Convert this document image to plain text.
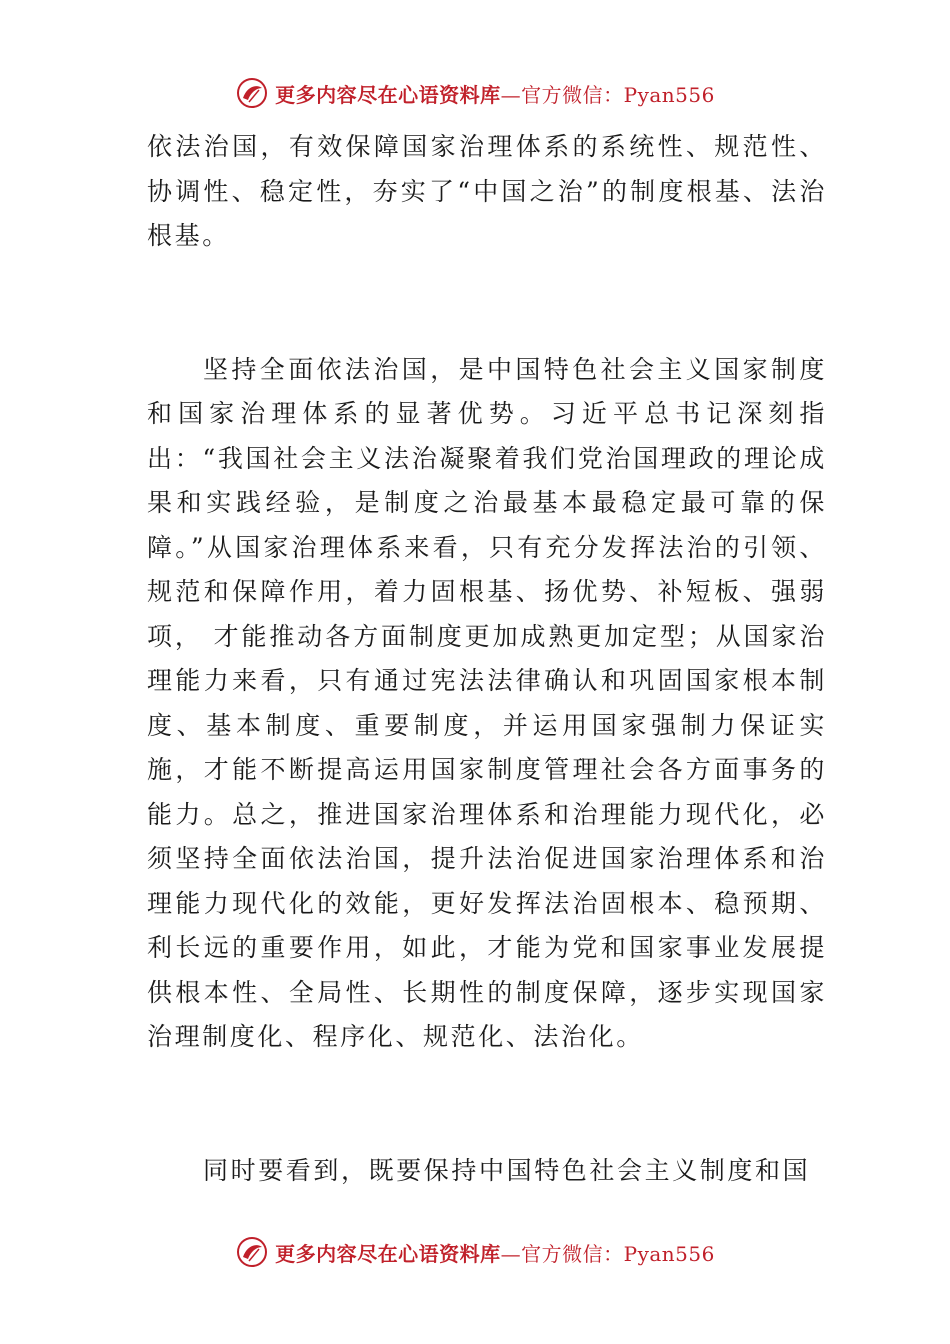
更多内容尽在心语资料库—官方微信：Pyan556

依法治国，有效保障国家治理体系的系统性、规范性、协调性、稳定性，夯实了“中国之治”的制度根基、法治根基。

坚持全面依法治国，是中国特色社会主义国家制度和国家治理体系的显著优势。习近平总书记深刻指出：“我国社会主义法治凝聚着我们党治国理政的理论成果和实践经验，是制度之治最基本最稳定最可靠的保障。”从国家治理体系来看，只有充分发挥法治的引领、规范和保障作用，着力固根基、扬优势、补短板、强弱项， 才能推动各方面制度更加成熟更加定型；从国家治理能力来看，只有通过宪法法律确认和巩固国家根本制度、基本制度、重要制度，并运用国家强制力保证实施，才能不断提高运用国家制度管理社会各方面事务的能力。总之，推进国家治理体系和治理能力现代化，必须坚持全面依法治国，提升法治促进国家治理体系和治理能力现代化的效能，更好发挥法治固根本、稳预期、利长远的重要作用，如此，才能为党和国家事业发展提供根本性、全局性、长期性的制度保障，逐步实现国家治理制度化、程序化、规范化、法治化。

同时要看到，既要保持中国特色社会主义制度和国

更多内容尽在心语资料库—官方微信：Pyan556
